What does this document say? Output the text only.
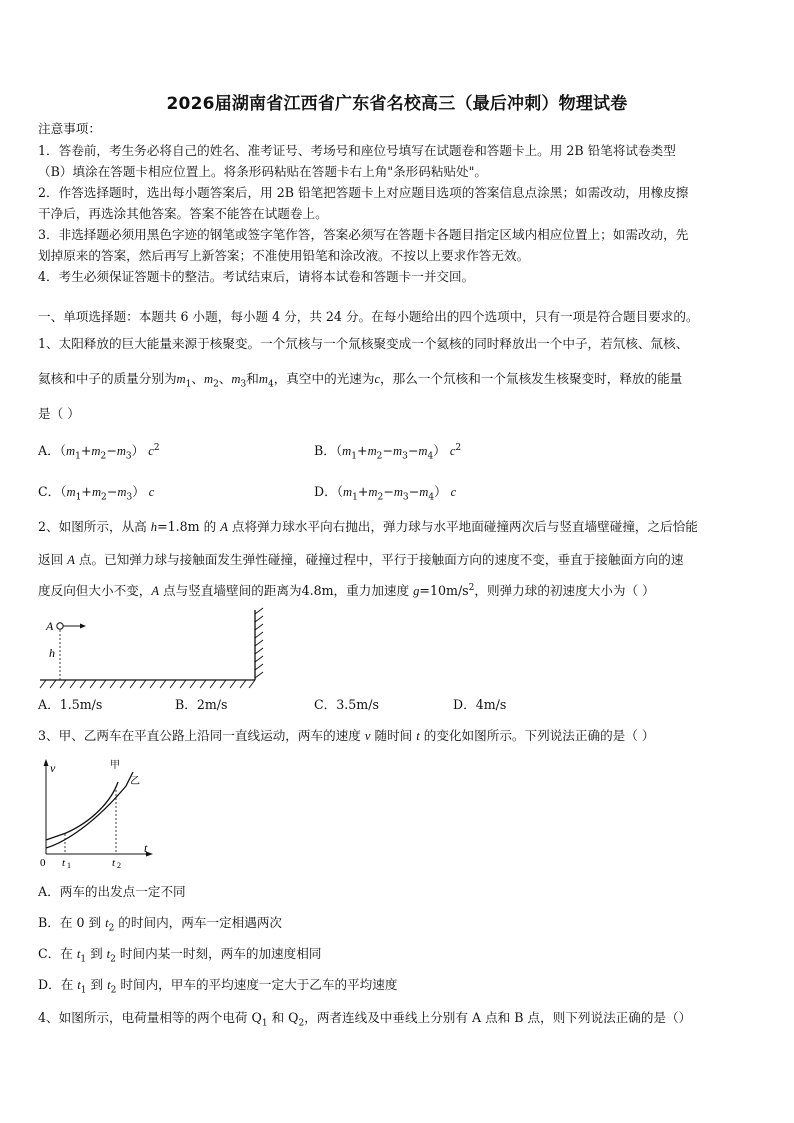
2026届湖南省江西省广东省名校高三（最后冲刺）物理试卷
注意事项：
1．答卷前，考生务必将自己的姓名、准考证号、考场号和座位号填写在试题卷和答题卡上。用 2B 铅笔将试卷类型
（B）填涂在答题卡相应位置上。将条形码粘贴在答题卡右上角"条形码粘贴处"。
2．作答选择题时，选出每小题答案后，用 2B 铅笔把答题卡上对应题目选项的答案信息点涂黑；如需改动，用橡皮擦
干净后，再选涂其他答案。答案不能答在试题卷上。
3．非选择题必须用黑色字迹的钢笔或签字笔作答，答案必须写在答题卡各题目指定区域内相应位置上；如需改动，先
划掉原来的答案，然后再写上新答案；不准使用铅笔和涂改液。不按以上要求作答无效。
4．考生必须保证答题卡的整洁。考试结束后，请将本试卷和答题卡一并交回。
一、单项选择题：本题共 6 小题，每小题 4 分，共 24 分。在每小题给出的四个选项中，只有一项是符合题目要求的。
1、太阳释放的巨大能量来源于核聚变。一个氘核与一个氚核聚变成一个氦核的同时释放出一个中子，若氘核、氚核、
氦核和中子的质量分别为$m_1$、$m_2$、$m_3$和$m_4$，真空中的光速为c，那么一个氘核和一个氚核发生核聚变时，释放的能量
是（ ）
A．$(m_1+m_2-m_3)$ $c^2$	B．$(m_1+m_2-m_3-m_4)$ $c^2$
C．$(m_1+m_2-m_3)$ c	D．$(m_1+m_2-m_3-m_4)$ c
2、如图所示，从高 h=1.8m 的 A 点将弹力球水平向右抛出，弹力球与水平地面碰撞两次后与竖直墙壁碰撞，之后恰能
返回 A 点。已知弹力球与接触面发生弹性碰撞，碰撞过程中，平行于接触面方向的速度不变，垂直于接触面方向的速
度反向但大小不变，A 点与竖直墙壁间的距离为4.8m，重力加速度 $g=10m/s^2$，则弹力球的初速度大小为（ ）
A
h
A．1.5m/s	B．2m/s	C．3.5m/s	D．4m/s
3、甲、乙两车在平直公路上沿同一直线运动，两车的速度 v 随时间 t 的变化如图所示。下列说法正确的是（ ）
v
0
t
甲
乙
t 1	t 2
A．两车的出发点一定不同
B．在 0 到 $t_2$ 的时间内，两车一定相遇两次
C．在 $t_1$ 到 $t_2$ 时间内某一时刻，两车的加速度相同
D．在 $t_1$ 到 $t_2$ 时间内，甲车的平均速度一定大于乙车的平均速度
4、如图所示，电荷量相等的两个电荷 $Q_1$ 和 $Q_2$，两者连线及中垂线上分别有 A 点和 B 点，则下列说法正确的是（）
